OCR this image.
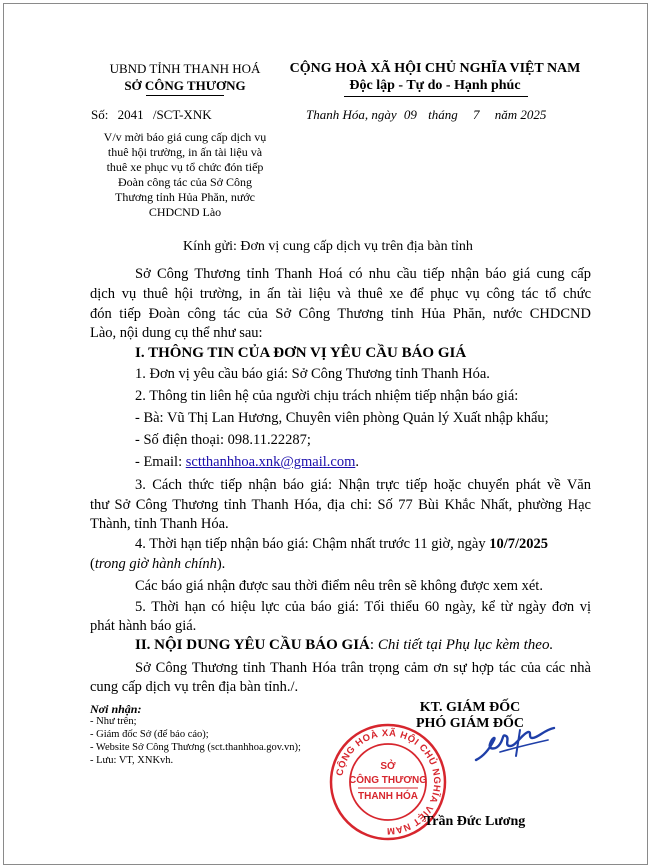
UBND TỈNH THANH HOÁ
SỞ CÔNG THƯƠNG
Số: 2041 /SCT-XNK
V/v mời báo giá cung cấp dịch vụ
thuê hội trường, in ấn tài liệu và
thuê xe phục vụ tổ chức đón tiếp
Đoàn công tác của Sở Công
Thương tỉnh Hủa Phăn, nước
CHDCND Lào
CỘNG HOÀ XÃ HỘI CHỦ NGHĨA VIỆT NAM
Độc lập - Tự do - Hạnh phúc
Thanh Hóa, ngày 09 tháng 7 năm 2025
Kính gửi: Đơn vị cung cấp dịch vụ trên địa bàn tỉnh
Sở Công Thương tỉnh Thanh Hoá có nhu cầu tiếp nhận báo giá cung cấp
dịch vụ thuê hội trường, in ấn tài liệu và thuê xe để phục vụ công tác tổ chức
đón tiếp Đoàn công tác của Sở Công Thương tỉnh Hủa Phăn, nước CHDCND
Lào, nội dung cụ thể như sau:
I. THÔNG TIN CỦA ĐƠN VỊ YÊU CẦU BÁO GIÁ
1. Đơn vị yêu cầu báo giá: Sở Công Thương tỉnh Thanh Hóa.
2. Thông tin liên hệ của người chịu trách nhiệm tiếp nhận báo giá:
- Bà: Vũ Thị Lan Hương, Chuyên viên phòng Quản lý Xuất nhập khẩu;
- Số điện thoại: 098.11.22287;
- Email: sctthanhhoa.xnk@gmail.com.
3. Cách thức tiếp nhận báo giá: Nhận trực tiếp hoặc chuyển phát về Văn
thư Sở Công Thương tỉnh Thanh Hóa, địa chỉ: Số 77 Bùi Khắc Nhất, phường Hạc
Thành, tỉnh Thanh Hóa.
4. Thời hạn tiếp nhận báo giá: Chậm nhất trước 11 giờ, ngày 10/7/2025
(trong giờ hành chính).
Các báo giá nhận được sau thời điểm nêu trên sẽ không được xem xét.
5. Thời hạn có hiệu lực của báo giá: Tối thiểu 60 ngày, kể từ ngày đơn vị
phát hành báo giá.
II. NỘI DUNG YÊU CẦU BÁO GIÁ: Chi tiết tại Phụ lục kèm theo.
Sở Công Thương tỉnh Thanh Hóa trân trọng cảm ơn sự hợp tác của các nhà
cung cấp dịch vụ trên địa bàn tỉnh./.
Nơi nhận:
- Như trên;
- Giám đốc Sở (để báo cáo);
- Website Sở Công Thương (sct.thanhhoa.gov.vn);
- Lưu: VT, XNKvh.
KT. GIÁM ĐỐC
PHÓ GIÁM ĐỐC
CỘNG HOÀ XÃ HỘI CHỦ NGHĨA VIỆT NAM
SỞ
CÔNG THƯƠNG
THANH HÓA
Trần Đức Lương
